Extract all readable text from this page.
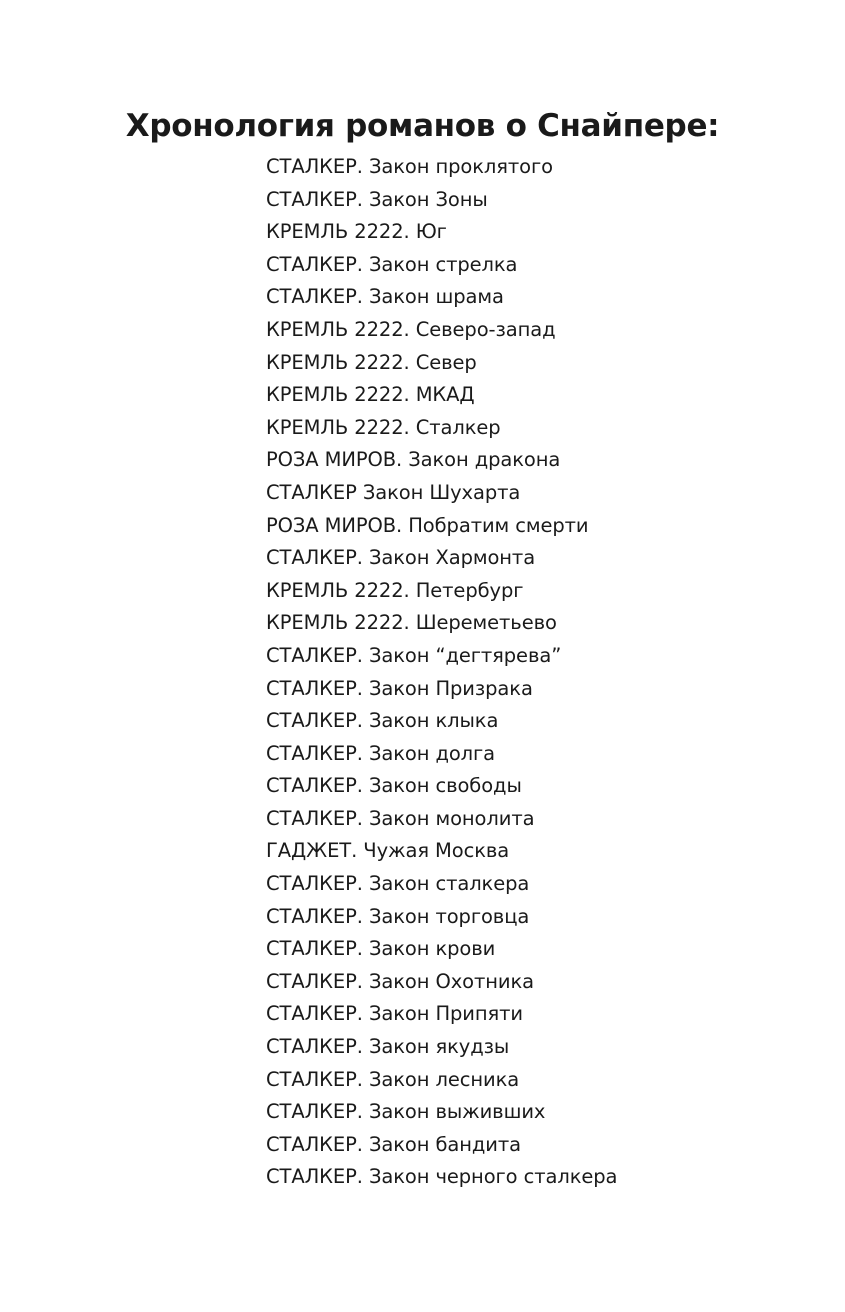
Хронология романов о Снайпере:
СТАЛКЕР. Закон проклятого
СТАЛКЕР. Закон Зоны
КРЕМЛЬ 2222. Юг
СТАЛКЕР. Закон стрелка
СТАЛКЕР. Закон шрама
КРЕМЛЬ 2222. Северо-запад
КРЕМЛЬ 2222. Север
КРЕМЛЬ 2222. МКАД
КРЕМЛЬ 2222. Сталкер
РОЗА МИРОВ. Закон дракона
СТАЛКЕР Закон Шухарта
РОЗА МИРОВ. Побратим смерти
СТАЛКЕР. Закон Хармонта
КРЕМЛЬ 2222. Петербург
КРЕМЛЬ 2222. Шереметьево
СТАЛКЕР. Закон “дегтярева”
СТАЛКЕР. Закон Призрака
СТАЛКЕР. Закон клыка
СТАЛКЕР. Закон долга
СТАЛКЕР. Закон свободы
СТАЛКЕР. Закон монолита
ГАДЖЕТ. Чужая Москва
СТАЛКЕР. Закон сталкера
СТАЛКЕР. Закон торговца
СТАЛКЕР. Закон крови
СТАЛКЕР. Закон Охотника
СТАЛКЕР. Закон Припяти
СТАЛКЕР. Закон якудзы
СТАЛКЕР. Закон лесника
СТАЛКЕР. Закон выживших
СТАЛКЕР. Закон бандита
СТАЛКЕР. Закон черного сталкера
